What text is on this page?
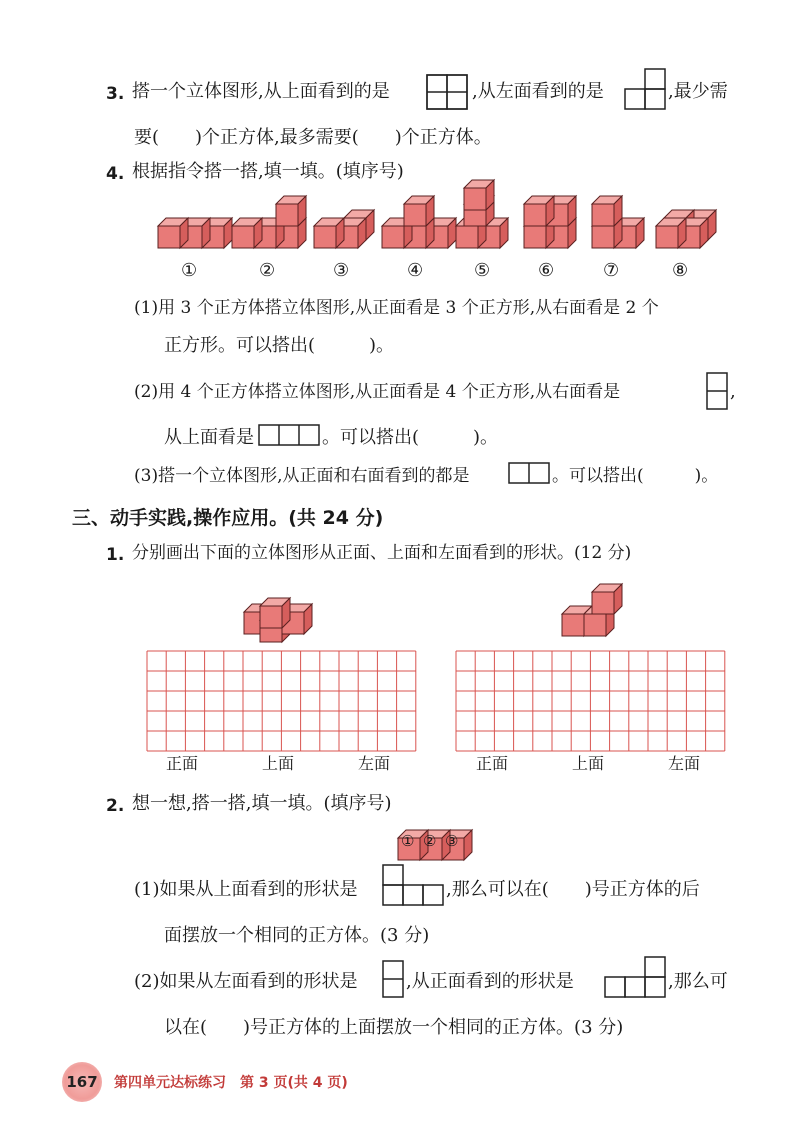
3. 搭一个立体图形,从上面看到的是	,从左面看到的是	,最少需
要(　　)个正方体,最多需要(　　)个正方体。
4. 根据指令搭一搭,填一填。(填序号)
①	②	③	④	⑤	⑥	⑦	⑧
(1)用 3 个正方体搭立体图形,从正面看是 3 个正方形,从右面看是 2 个
正方形。可以搭出(　　　)。
(2)用 4 个正方体搭立体图形,从正面看是 4 个正方形,从右面看是	,
从上面看是	。可以搭出(　　　)。
(3)搭一个立体图形,从正面和右面看到的都是	。可以搭出(　　　)。
三、动手实践,操作应用。(共 24 分)
1. 分别画出下面的立体图形从正面、上面和左面看到的形状。(12 分)
正面	上面	左面	正面	上面	左面
2. 想一想,搭一搭,填一填。(填序号)
① ② ③
(1)如果从上面看到的形状是	,那么可以在(　　)号正方体的后
面摆放一个相同的正方体。(3 分)
(2)如果从左面看到的形状是	,从正面看到的形状是	,那么可
以在(　　)号正方体的上面摆放一个相同的正方体。(3 分)
167	第四单元达标练习　第 3 页(共 4 页)
